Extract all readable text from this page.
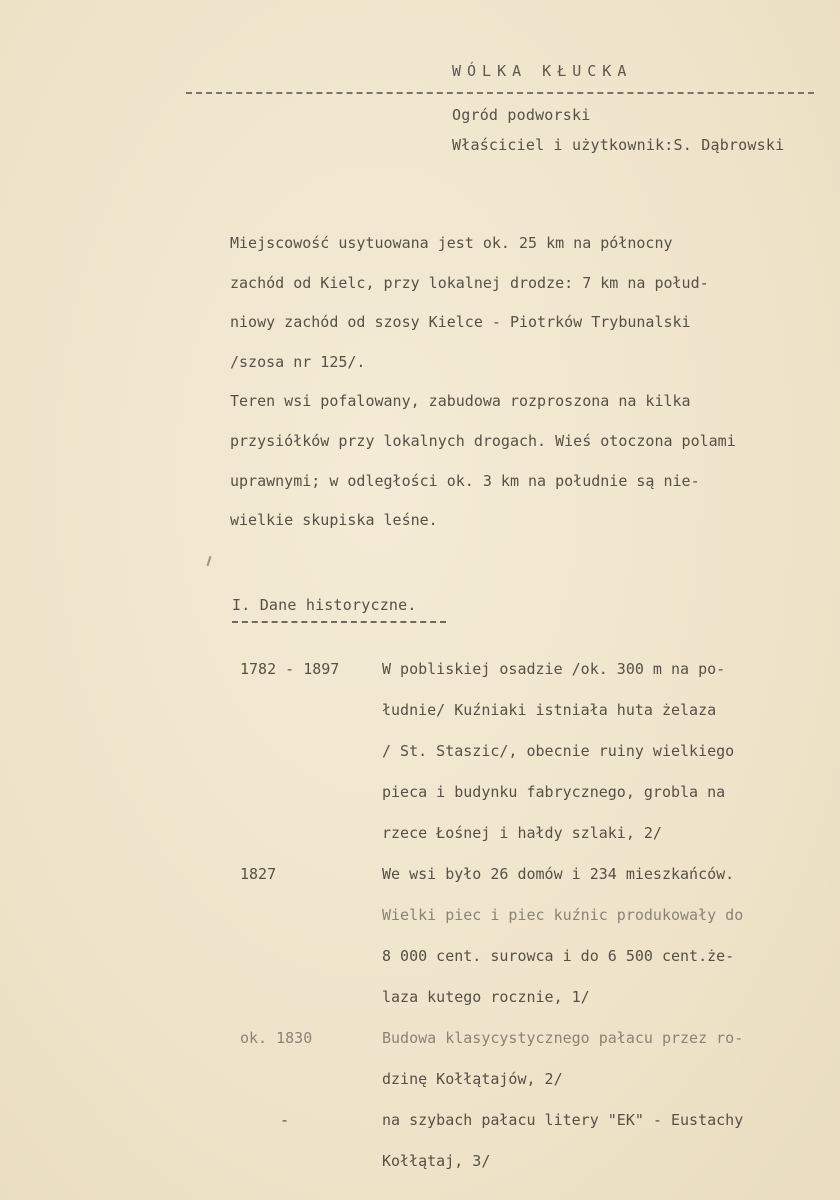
WÓLKA KŁUCKA
Ogród podworski
Właściciel i użytkownik:S. Dąbrowski
Miejscowość usytuowana jest ok. 25 km na północny
zachód od Kielc, przy lokalnej drodze: 7 km na połud-
niowy zachód od szosy Kielce - Piotrków Trybunalski
/szosa nr 125/.
Teren wsi pofalowany, zabudowa rozproszona na kilka
przysiółków przy lokalnych drogach. Wieś otoczona polami
uprawnymi; w odległości ok. 3 km na południe są nie-
wielkie skupiska leśne.
I. Dane historyczne.
1782 - 1897	W pobliskiej osadzie /ok. 300 m na po-
łudnie/ Kuźniaki istniała huta żelaza
/ St. Staszic/, obecnie ruiny wielkiego
pieca i budynku fabrycznego, grobla na
rzece Łośnej i hałdy szlaki, 2/
1827	We wsi było 26 domów i 234 mieszkańców.
Wielki piec i piec kuźnic produkowały do
8 000 cent. surowca i do 6 500 cent.że-
laza kutego rocznie, 1/
ok. 1830	Budowa klasycystycznego pałacu przez ro-
dzinę Kołłątajów, 2/
-	na szybach pałacu litery "EK" - Eustachy
Kołłątaj, 3/
